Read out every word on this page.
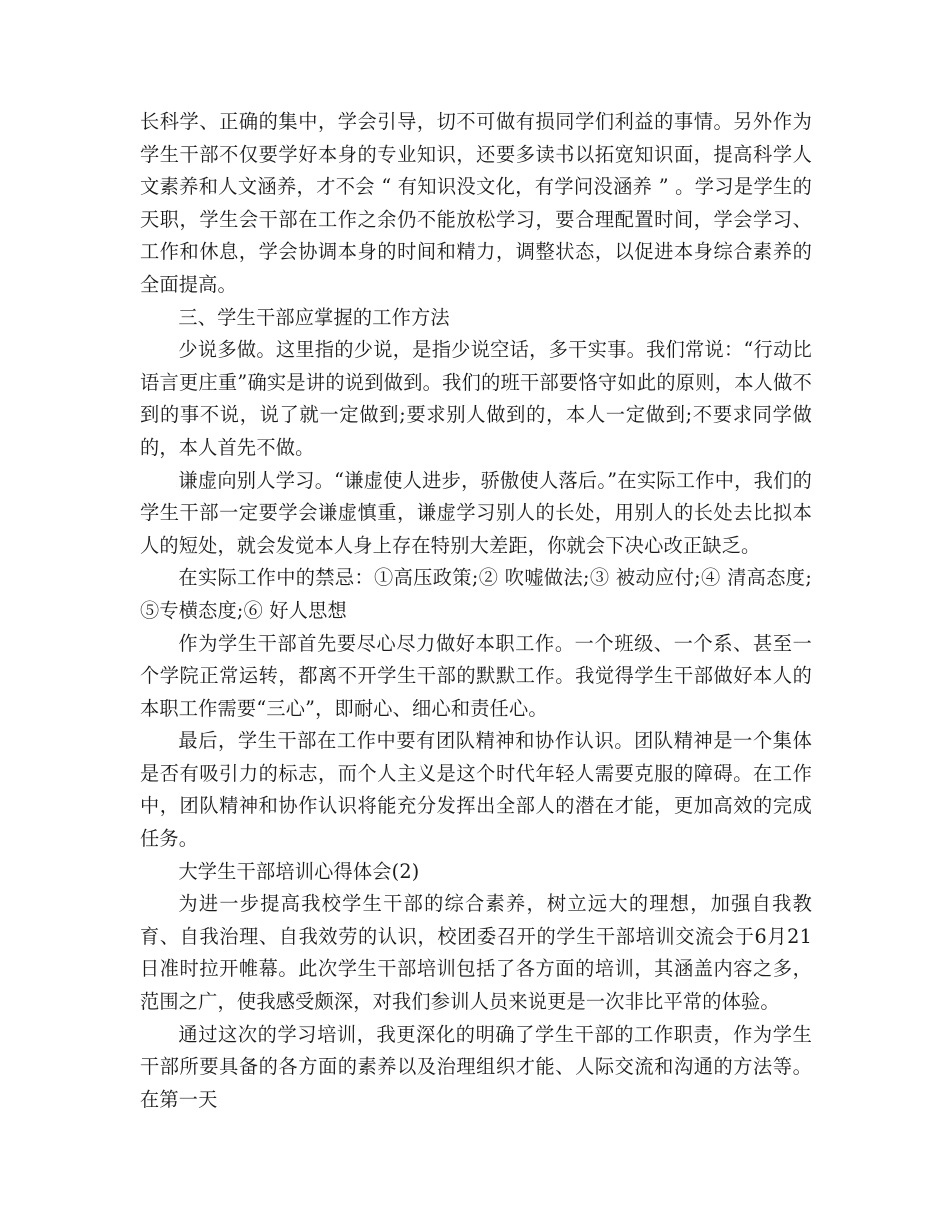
长科学、正确的集中，学会引导，切不可做有损同学们利益的事情。另外作为学生干部不仅要学好本身的专业知识，还要多读书以拓宽知识面，提高科学人文素养和人文涵养，才不会 “ 有知识没文化，有学问没涵养 ” 。学习是学生的天职，学生会干部在工作之余仍不能放松学习，要合理配置时间，学会学习、工作和休息，学会协调本身的时间和精力，调整状态，以促进本身综合素养的全面提高。

三、学生干部应掌握的工作方法

少说多做。这里指的少说，是指少说空话，多干实事。我们常说：“行动比语言更庄重”确实是讲的说到做到。我们的班干部要恪守如此的原则，本人做不到的事不说，说了就一定做到;要求别人做到的，本人一定做到;不要求同学做的，本人首先不做。

谦虚向别人学习。“谦虚使人进步，骄傲使人落后。”在实际工作中，我们的学生干部一定要学会谦虚慎重，谦虚学习别人的长处，用别人的长处去比拟本人的短处，就会发觉本人身上存在特别大差距，你就会下决心改正缺乏。

在实际工作中的禁忌：①高压政策;② 吹嘘做法;③ 被动应付;④ 清高态度;⑤专横态度;⑥ 好人思想

作为学生干部首先要尽心尽力做好本职工作。一个班级、一个系、甚至一个学院正常运转，都离不开学生干部的默默工作。我觉得学生干部做好本人的本职工作需要“三心”，即耐心、细心和责任心。

最后，学生干部在工作中要有团队精神和协作认识。团队精神是一个集体是否有吸引力的标志，而个人主义是这个时代年轻人需要克服的障碍。在工作中，团队精神和协作认识将能充分发挥出全部人的潜在才能，更加高效的完成任务。

大学生干部培训心得体会(2)

为进一步提高我校学生干部的综合素养，树立远大的理想，加强自我教育、自我治理、自我效劳的认识，校团委召开的学生干部培训交流会于6月21日准时拉开帷幕。此次学生干部培训包括了各方面的培训，其涵盖内容之多，范围之广，使我感受颇深，对我们参训人员来说更是一次非比平常的体验。

通过这次的学习培训，我更深化的明确了学生干部的工作职责，作为学生干部所要具备的各方面的素养以及治理组织才能、人际交流和沟通的方法等。在第一天
